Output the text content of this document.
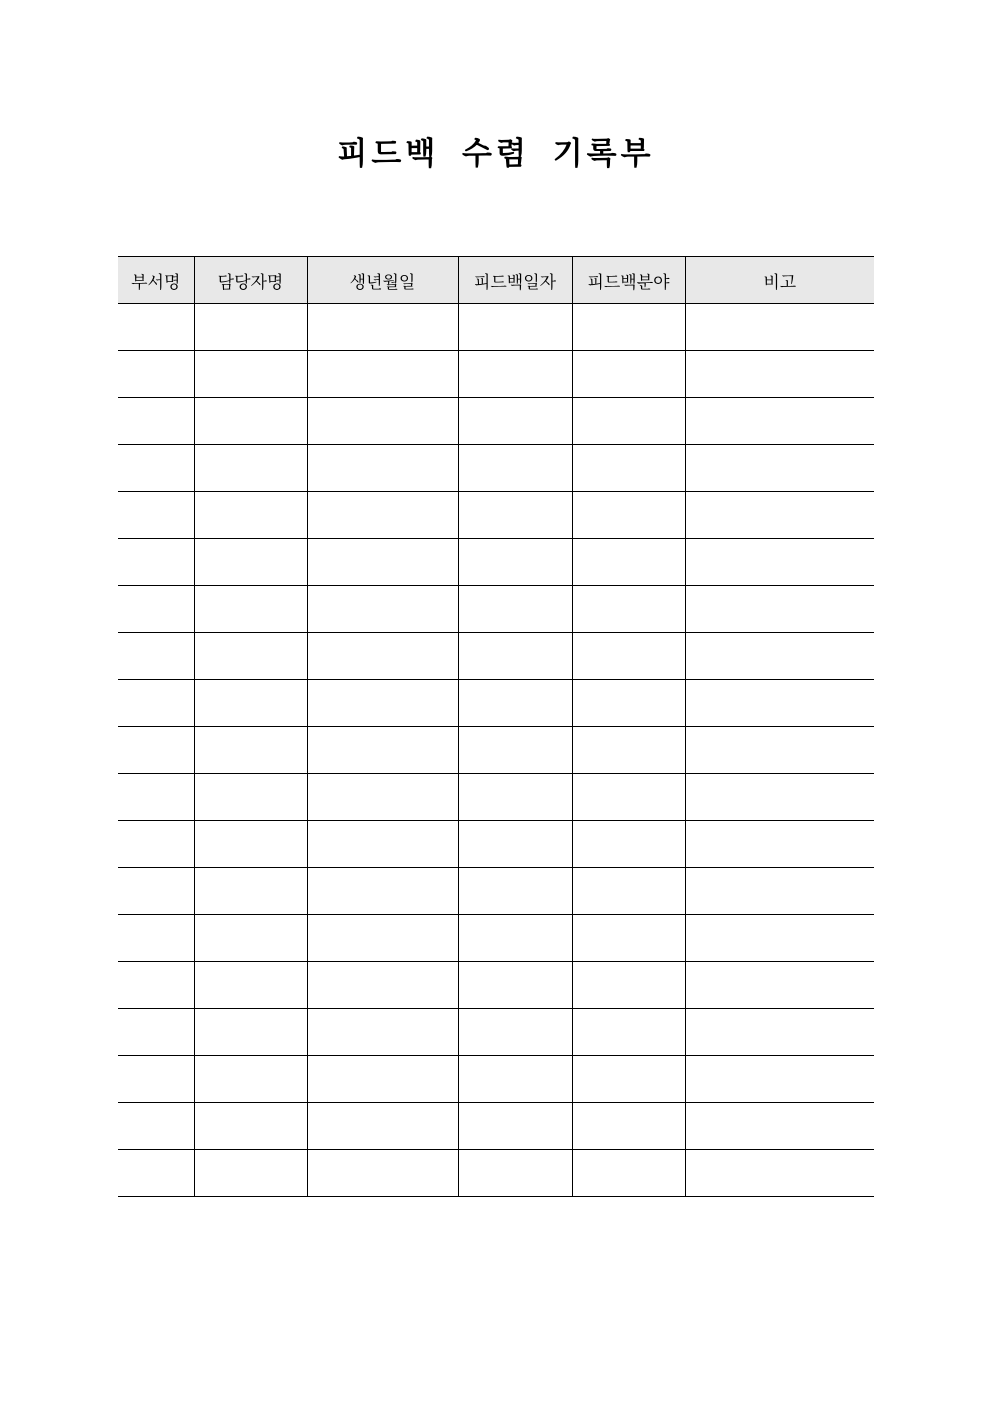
피드백 수렴 기록부
부서명	담당자명	생년월일	피드백일자	피드백분야	비고
